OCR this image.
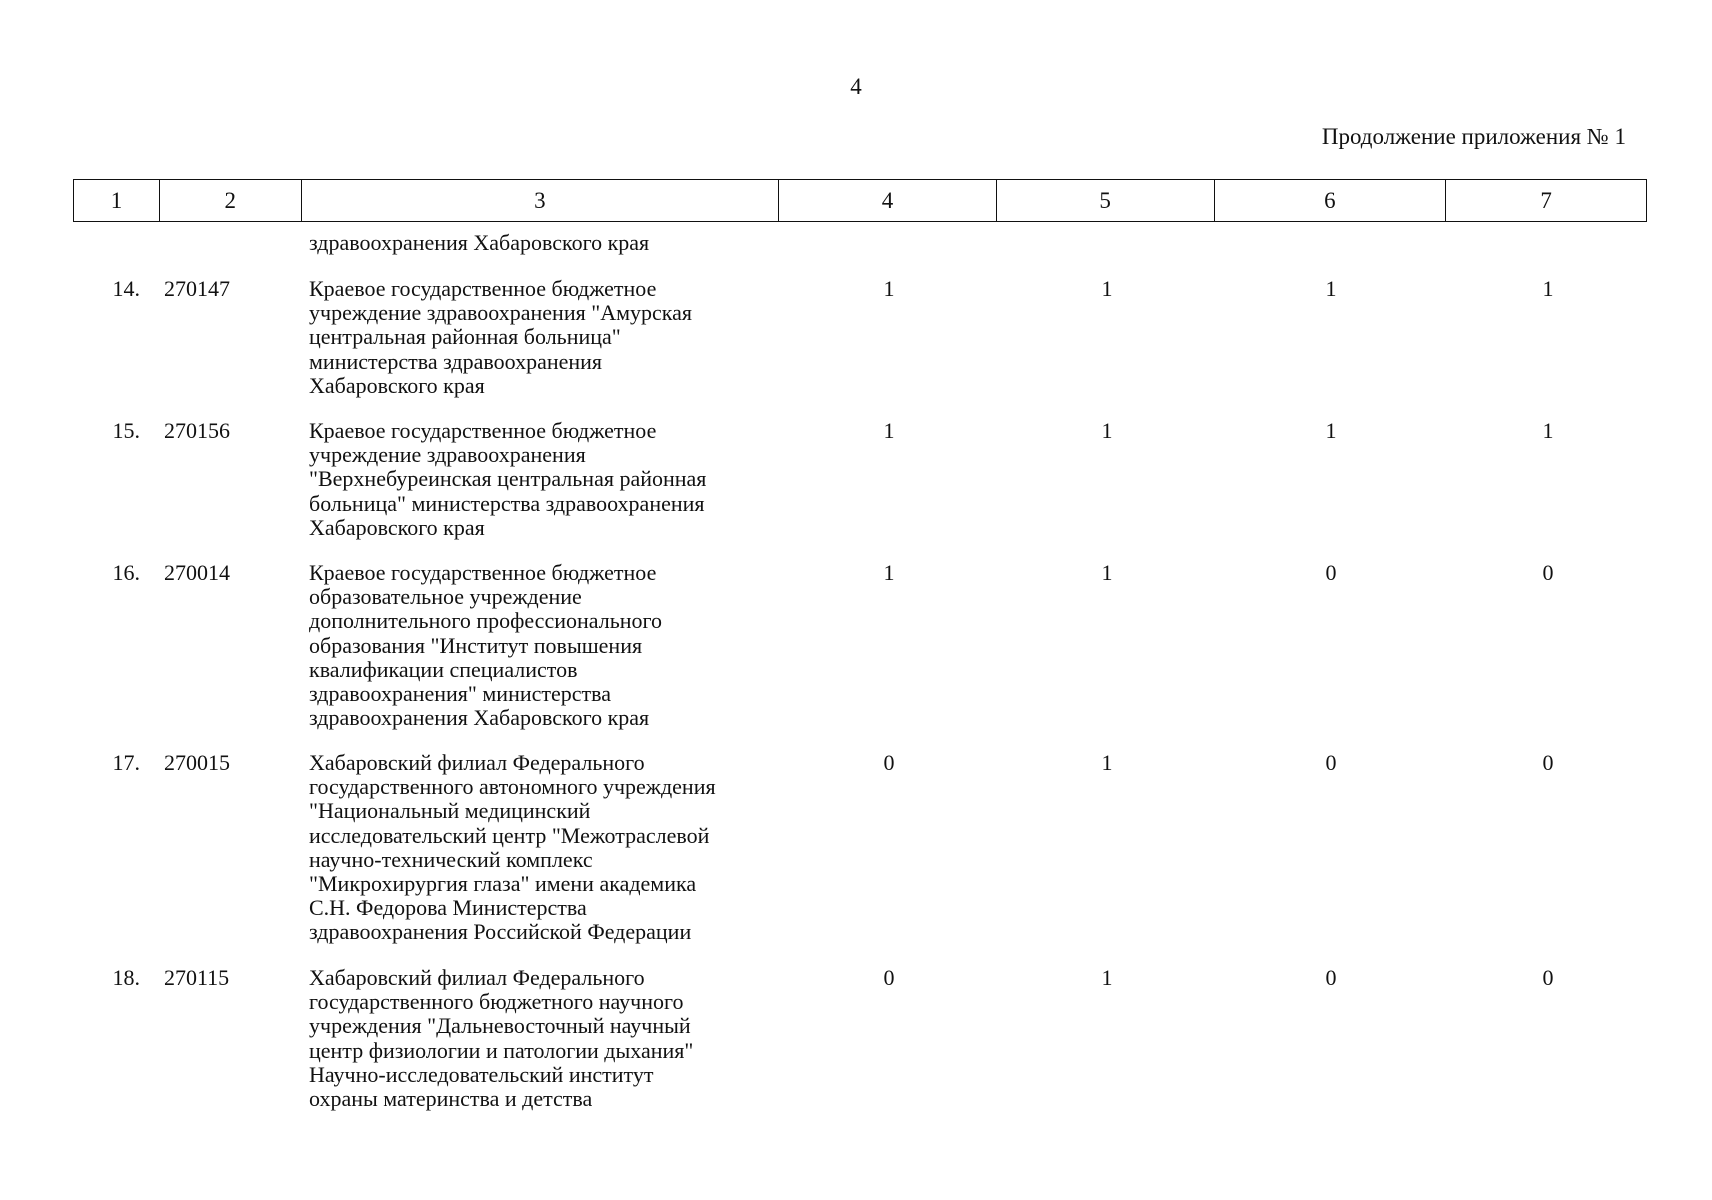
4
Продолжение приложения № 1
1	2	3	4	5	6	7
здравоохранения Хабаровского края
14. 270147	Краевое государственное бюджетное
учреждение здравоохранения "Амурская
центральная районная больница"
министерства здравоохранения
Хабаровского края
1	1	1	1
15. 270156	Краевое государственное бюджетное
учреждение здравоохранения
"Верхнебуреинская центральная районная
больница" министерства здравоохранения
Хабаровского края
1	1	1	1
16. 270014	Краевое государственное бюджетное
образовательное учреждение
дополнительного профессионального
образования "Институт повышения
квалификации специалистов
здравоохранения" министерства
здравоохранения Хабаровского края
1	1	0	0
17. 270015	Хабаровский филиал Федерального
государственного автономного учреждения
"Национальный медицинский
исследовательский центр "Межотраслевой
научно-технический комплекс
"Микрохирургия глаза" имени академика
С.Н. Федорова Министерства
здравоохранения Российской Федерации
0	1	0	0
18. 270115	Хабаровский филиал Федерального
государственного бюджетного научного
учреждения "Дальневосточный научный
центр физиологии и патологии дыхания"
Научно-исследовательский институт
охраны материнства и детства
0	1	0	0
